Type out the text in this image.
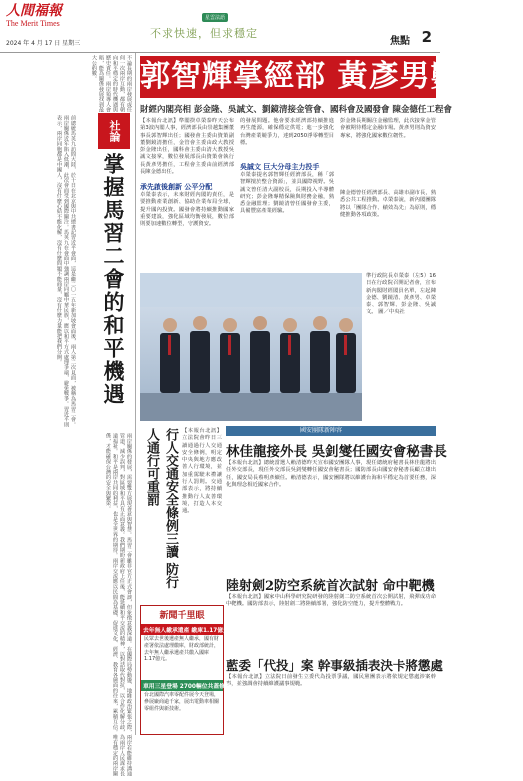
人間福報
The Merit Times
2024 年 4 月 17 日 星期三
星雲法語
不求快速，但求穩定
焦點 2
不論長期的兩岸發展或任何一次兩岸互動，都有朝向和平穩定的時代機遇與歷史責任。兩岸領導人會晤，能為關係發展找到最大公約數。
社論
掌握馬習二會的和平機遇
前總統馬英九訪問大陸，於十日在北京與中共總書記習近平會面，這是繼二〇一五年新加坡會面後，兩人第二次見面，被稱為馬習二會。兩岸關係近年陷入低潮，此次會面受到國際關注。馬英九在會面中強調兩岸同屬中華民族，應以和平方式處理爭端，避免戰爭。習近平則表示，兩岸同胞都是中國人，沒有什麼心結不能化解，沒有什麼問題不能商量，沒有什麼力量能把我們分開。
兩岸關係的發展，需要雙方展現善意與智慧。馬習二會雖非官方正式會談，但象徵意義深遠。在國際局勢動盪、地緣政治緊張之際，兩岸若能維持溝通管道，減少誤判，對區域和平具有正面意義。我們期盼新政府上任後，能延續和平交流的精神，以對話取代對抗，以合作化解分歧，為兩岸人民謀求長遠福祉。和平是兩岸共同的利益，也是全世界的期待。兩岸交流應以民間為基礎，促進文化、經濟、教育各層面的往來，累積互信。唯有穩定的兩岸關係，才能確保台灣的安全與繁榮。
郭智輝掌經部 黃彥男數位部
財經內閣亮相 彭金隆、吳誠文、劉鏡清接金管會、國科會及國發會 陳金德任工程會
【本報台北訊】準閣揆卓榮泰昨天公布第3波內閣人事，經濟部長由崇越集團董事長郭智輝出任；國發會主委由資策副董劉鏡清擔任，金管會主委由政大教授彭金隆出任，國科會主委由清大教授吳誠文接掌，數位發展部長由資策會執行長黃彥男擔任，工程會主委由前經濟部長陳金德出任。
承先啟後創新 公平分配
卓榮泰表示，未來財經內閣的責任，是要推動產業創新、協助企業布局全球，提升國內投資。國發會將持續推動國家重要建設，強化區域均衡發展，數位部則要加速數位轉型，守護資安。
的發展問題。他會要求經濟部持續推進再生能源，確保穩定供電；進一步強化台灣產業競爭力，達到2050淨零轉型目標。
吳誠文 巨大分母主力投手
卓榮泰提名郭智輝任經濟部長，稱「郭智輝擅於整合資源」，並具國際視野。吳誠文曾任清大副校長，長期投入半導體研究；彭金隆專精保險與財務金融，熟悉金融監理；劉鏡清曾任國發會主委，具備豐富產業經驗。
彭金隆長期關注金融監理，此次接掌金管會被期待穩定金融市場。黃彥男則為資安專家，將強化國家數位韌性。
陳金德曾任經濟部長、高雄市副市長，熟悉公共工程推動。卓榮泰說，新內閣團隊將以「團隊合作、績效為先」為原則，穩健推動各項政策。
準行政院長卓榮泰（左5）16日在行政院召開記者會，宣布新內閣財經閣員名單，左起陳金德、劉鏡清、黃彥男、卓榮泰、郭智輝、彭金隆、吳誠文。 圖／中央社
行人交通安全條例三讀 防行人通行可重罰	【本報台北訊】立法院會昨日三讀通過行人交通安全條例，明定中央與地方應改善人行環境，並加重駕駛未禮讓行人罰則。交通部表示，將持續推動行人友善環境，打造人本交通。
國安團隊新陣容
林佳龍接外長 吳釗燮任國安會秘書長
【本報台北訊】總統當選人賴清德昨天宣布國安團隊人事，現任總統府秘書長林佳龍將出任外交部長，現任外交部長吳釗燮轉任國安會秘書長；國防部長由國安會秘書長顧立雄出任，國安局長蔡明彥續任。賴清德表示，國安團隊將以維護台海和平穩定為首要任務，深化與理念相近國家合作。
陸射劍2防空系統首次試射 命中靶機
【本報台北訊】國家中山科學研究院研發的陸射劍二防空系統首次公開試射，飛彈成功命中靶機。國防部表示，陸射劍二將陸續部署，強化防空能力，提升整體戰力。
藍委「代投」案 幹事級插表決卡將懲處
【本報台北訊】立法院日前發生立委代為投票爭議，國民黨團表示將依規定懲處涉案幹事，並強調會持續維護議事規範。
新聞千里眼
去年無人繳承遺產 繳庫1.17億元
民眾去世後遺產無人繼承，國有財產署依法處理繳庫，財政部統計，去年無人繼承遺產共繳入國庫1.17億元。
車用三星登場 2700輛位共蓋修茶
台北國際汽車零配件展今天登場，參展廠商逾千家，展出電動車相關零組件與新技術。
